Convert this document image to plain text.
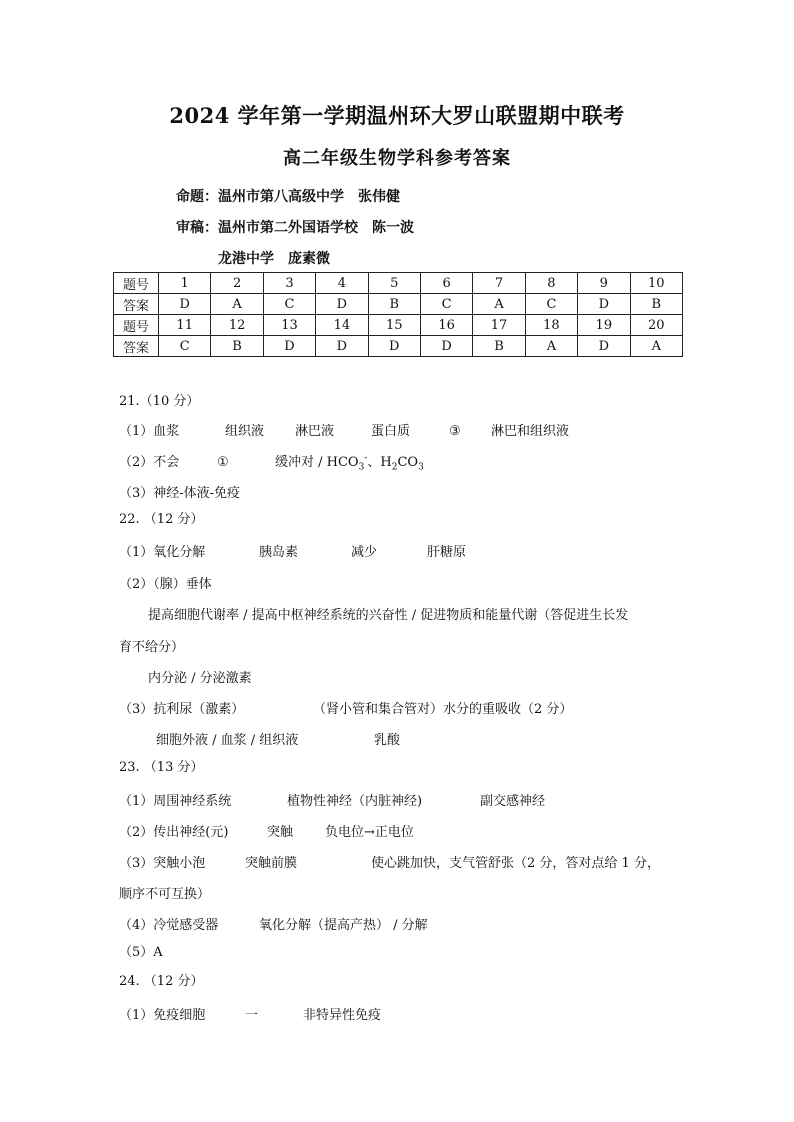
2024 学年第一学期温州环大罗山联盟期中联考
高二年级生物学科参考答案
命题：温州市第八高级中学 张伟健
审稿：温州市第二外国语学校 陈一波
龙港中学 庞素微
题号	1	2	3	4	5	6	7	8	9	10
答案	D	A	C	D	B	C	A	C	D	B
题号	11	12	13	14	15	16	17	18	19	20
答案	C	B	D	D	D	D	B	A	D	A
21.（10 分）
（1）血浆	组织液 淋巴液	蛋白质	③ 淋巴和组织液
（2）不会	①	缓冲对 / $HCO_3^-$、$H_2CO_3$
（3）神经-体液-免疫
22. （12 分）
（1）氧化分解	胰岛素	减少	肝糖原
（2）（腺）垂体
提高细胞代谢率 / 提高中枢神经系统的兴奋性 / 促进物质和能量代谢（答促进生长发
育不给分）
内分泌 / 分泌激素
（3）抗利尿（激素）	（肾小管和集合管对）水分的重吸收（2 分）
细胞外液 / 血浆 / 组织液	乳酸
23. （13 分）
（1）周围神经系统	植物性神经（内脏神经)	副交感神经
（2）传出神经(元)	突触 负电位→正电位
（3）突触小泡	突触前膜	使心跳加快，支气管舒张（2 分，答对点给 1 分，
顺序不可互换）
（4）冷觉感受器	氧化分解（提高产热） / 分解
（5）A
24. （12 分）
（1）免疫细胞	一	非特异性免疫
